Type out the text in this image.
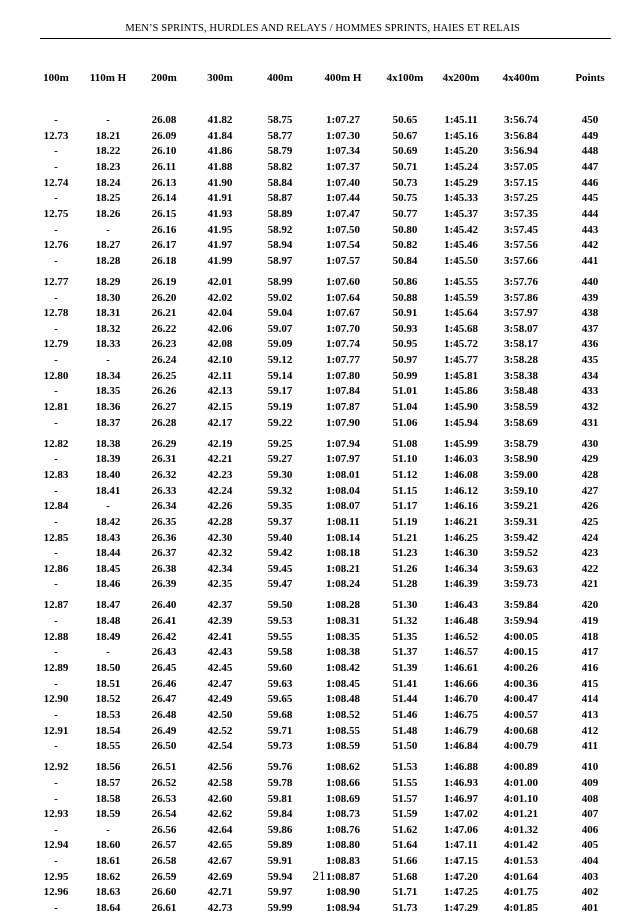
MEN’S SPRINTS, HURDLES AND RELAYS / HOMMES SPRINTS, HAIES ET RELAIS
100m	110m H	200m	300m	400m	400m H	4x100m	4x200m	4x400m	Points
-	-	26.08	41.82	58.75	1:07.27	50.65	1:45.11	3:56.74	450
12.73	18.21	26.09	41.84	58.77	1:07.30	50.67	1:45.16	3:56.84	449
-	18.22	26.10	41.86	58.79	1:07.34	50.69	1:45.20	3:56.94	448
-	18.23	26.11	41.88	58.82	1:07.37	50.71	1:45.24	3:57.05	447
12.74	18.24	26.13	41.90	58.84	1:07.40	50.73	1:45.29	3:57.15	446
-	18.25	26.14	41.91	58.87	1:07.44	50.75	1:45.33	3:57.25	445
12.75	18.26	26.15	41.93	58.89	1:07.47	50.77	1:45.37	3:57.35	444
-	-	26.16	41.95	58.92	1:07.50	50.80	1:45.42	3:57.45	443
12.76	18.27	26.17	41.97	58.94	1:07.54	50.82	1:45.46	3:57.56	442
-	18.28	26.18	41.99	58.97	1:07.57	50.84	1:45.50	3:57.66	441
12.77	18.29	26.19	42.01	58.99	1:07.60	50.86	1:45.55	3:57.76	440
-	18.30	26.20	42.02	59.02	1:07.64	50.88	1:45.59	3:57.86	439
12.78	18.31	26.21	42.04	59.04	1:07.67	50.91	1:45.64	3:57.97	438
-	18.32	26.22	42.06	59.07	1:07.70	50.93	1:45.68	3:58.07	437
12.79	18.33	26.23	42.08	59.09	1:07.74	50.95	1:45.72	3:58.17	436
-	-	26.24	42.10	59.12	1:07.77	50.97	1:45.77	3:58.28	435
12.80	18.34	26.25	42.11	59.14	1:07.80	50.99	1:45.81	3:58.38	434
-	18.35	26.26	42.13	59.17	1:07.84	51.01	1:45.86	3:58.48	433
12.81	18.36	26.27	42.15	59.19	1:07.87	51.04	1:45.90	3:58.59	432
-	18.37	26.28	42.17	59.22	1:07.90	51.06	1:45.94	3:58.69	431
12.82	18.38	26.29	42.19	59.25	1:07.94	51.08	1:45.99	3:58.79	430
-	18.39	26.31	42.21	59.27	1:07.97	51.10	1:46.03	3:58.90	429
12.83	18.40	26.32	42.23	59.30	1:08.01	51.12	1:46.08	3:59.00	428
-	18.41	26.33	42.24	59.32	1:08.04	51.15	1:46.12	3:59.10	427
12.84	-	26.34	42.26	59.35	1:08.07	51.17	1:46.16	3:59.21	426
-	18.42	26.35	42.28	59.37	1:08.11	51.19	1:46.21	3:59.31	425
12.85	18.43	26.36	42.30	59.40	1:08.14	51.21	1:46.25	3:59.42	424
-	18.44	26.37	42.32	59.42	1:08.18	51.23	1:46.30	3:59.52	423
12.86	18.45	26.38	42.34	59.45	1:08.21	51.26	1:46.34	3:59.63	422
-	18.46	26.39	42.35	59.47	1:08.24	51.28	1:46.39	3:59.73	421
12.87	18.47	26.40	42.37	59.50	1:08.28	51.30	1:46.43	3:59.84	420
-	18.48	26.41	42.39	59.53	1:08.31	51.32	1:46.48	3:59.94	419
12.88	18.49	26.42	42.41	59.55	1:08.35	51.35	1:46.52	4:00.05	418
-	-	26.43	42.43	59.58	1:08.38	51.37	1:46.57	4:00.15	417
12.89	18.50	26.45	42.45	59.60	1:08.42	51.39	1:46.61	4:00.26	416
-	18.51	26.46	42.47	59.63	1:08.45	51.41	1:46.66	4:00.36	415
12.90	18.52	26.47	42.49	59.65	1:08.48	51.44	1:46.70	4:00.47	414
-	18.53	26.48	42.50	59.68	1:08.52	51.46	1:46.75	4:00.57	413
12.91	18.54	26.49	42.52	59.71	1:08.55	51.48	1:46.79	4:00.68	412
-	18.55	26.50	42.54	59.73	1:08.59	51.50	1:46.84	4:00.79	411
12.92	18.56	26.51	42.56	59.76	1:08.62	51.53	1:46.88	4:00.89	410
-	18.57	26.52	42.58	59.78	1:08.66	51.55	1:46.93	4:01.00	409
-	18.58	26.53	42.60	59.81	1:08.69	51.57	1:46.97	4:01.10	408
12.93	18.59	26.54	42.62	59.84	1:08.73	51.59	1:47.02	4:01.21	407
-	-	26.56	42.64	59.86	1:08.76	51.62	1:47.06	4:01.32	406
12.94	18.60	26.57	42.65	59.89	1:08.80	51.64	1:47.11	4:01.42	405
-	18.61	26.58	42.67	59.91	1:08.83	51.66	1:47.15	4:01.53	404
12.95	18.62	26.59	42.69	59.94	1:08.87	51.68	1:47.20	4:01.64	403
12.96	18.63	26.60	42.71	59.97	1:08.90	51.71	1:47.25	4:01.75	402
-	18.64	26.61	42.73	59.99	1:08.94	51.73	1:47.29	4:01.85	401
21
